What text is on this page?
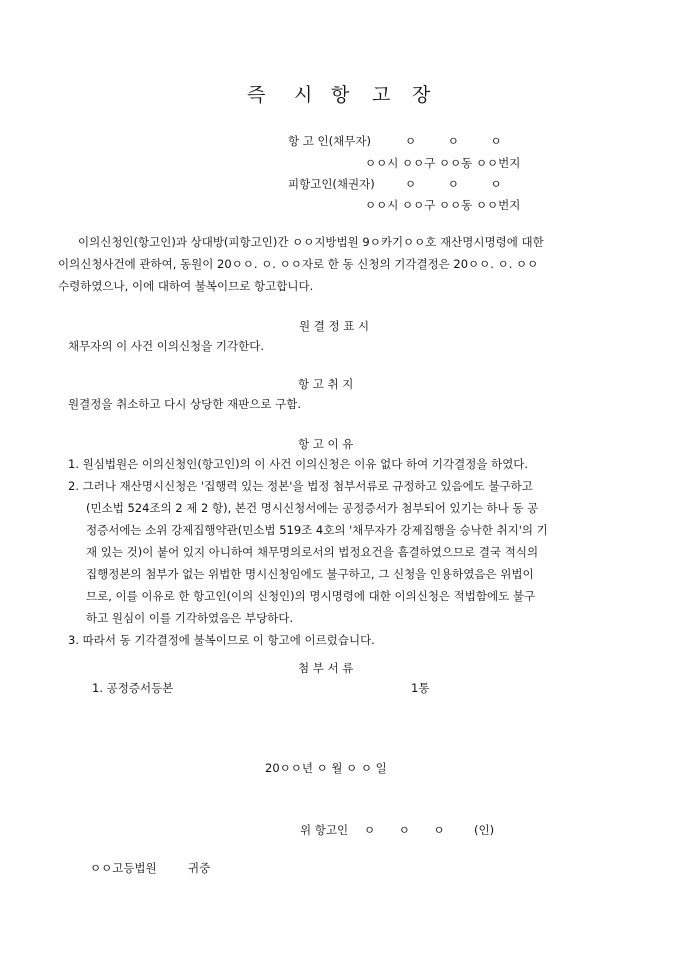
즉 시 항 고 장
항 고 인(채무자)	ㅇ ㅇ ㅇ
ㅇㅇ시 ㅇㅇ구 ㅇㅇ동 ㅇㅇ번지
피항고인(채권자)	ㅇ ㅇ ㅇ
ㅇㅇ시 ㅇㅇ구 ㅇㅇ동 ㅇㅇ번지
이의신청인(항고인)과 상대방(피항고인)간 ㅇㅇ지방법원 9ㅇ카기ㅇㅇ호 재산명시명령에 대한
이의신청사건에 관하여, 동원이 20ㅇㅇ. ㅇ. ㅇㅇ자로 한 동 신청의 기각결정은 20ㅇㅇ. ㅇ. ㅇㅇ
수령하였으나, 이에 대하여 불복이므로 항고합니다.
원 결 정 표 시
채무자의 이 사건 이의신청을 기각한다.
항 고 취 지
원결정을 취소하고 다시 상당한 재판으로 구함.
항 고 이 유
1. 원심법원은 이의신청인(항고인)의 이 사건 이의신청은 이유 없다 하여 기각결정을 하였다.
2. 그러나 재산명시신청은 '집행력 있는 정본'을 법정 첨부서류로 규정하고 있음에도 불구하고
(민소법 524조의 2 제 2 항), 본건 명시신청서에는 공정증서가 첨부되어 있기는 하나 동 공
정증서에는 소위 강제집행약관(민소법 519조 4호의 '채무자가 강제집행을 승낙한 취지'의 기
재 있는 것)이 붙어 있지 아니하여 채무명의로서의 법정요건을 흠결하였으므로 결국 적식의
집행정본의 첨부가 없는 위법한 명시신청임에도 불구하고, 그 신청을 인용하였음은 위법이
므로, 이를 이유로 한 항고인(이의 신청인)의 명시명령에 대한 이의신청은 적법함에도 불구
하고 원심이 이를 기각하였음은 부당하다.
3. 따라서 동 기각결정에 불복이므로 이 항고에 이르렀습니다.
첨 부 서 류
1. 공정증서등본	1통
20ㅇㅇ년 ㅇ 월 ㅇ ㅇ 일
위 항고인 ㅇ ㅇ ㅇ	(인)
ㅇㅇ고등법원	귀중
